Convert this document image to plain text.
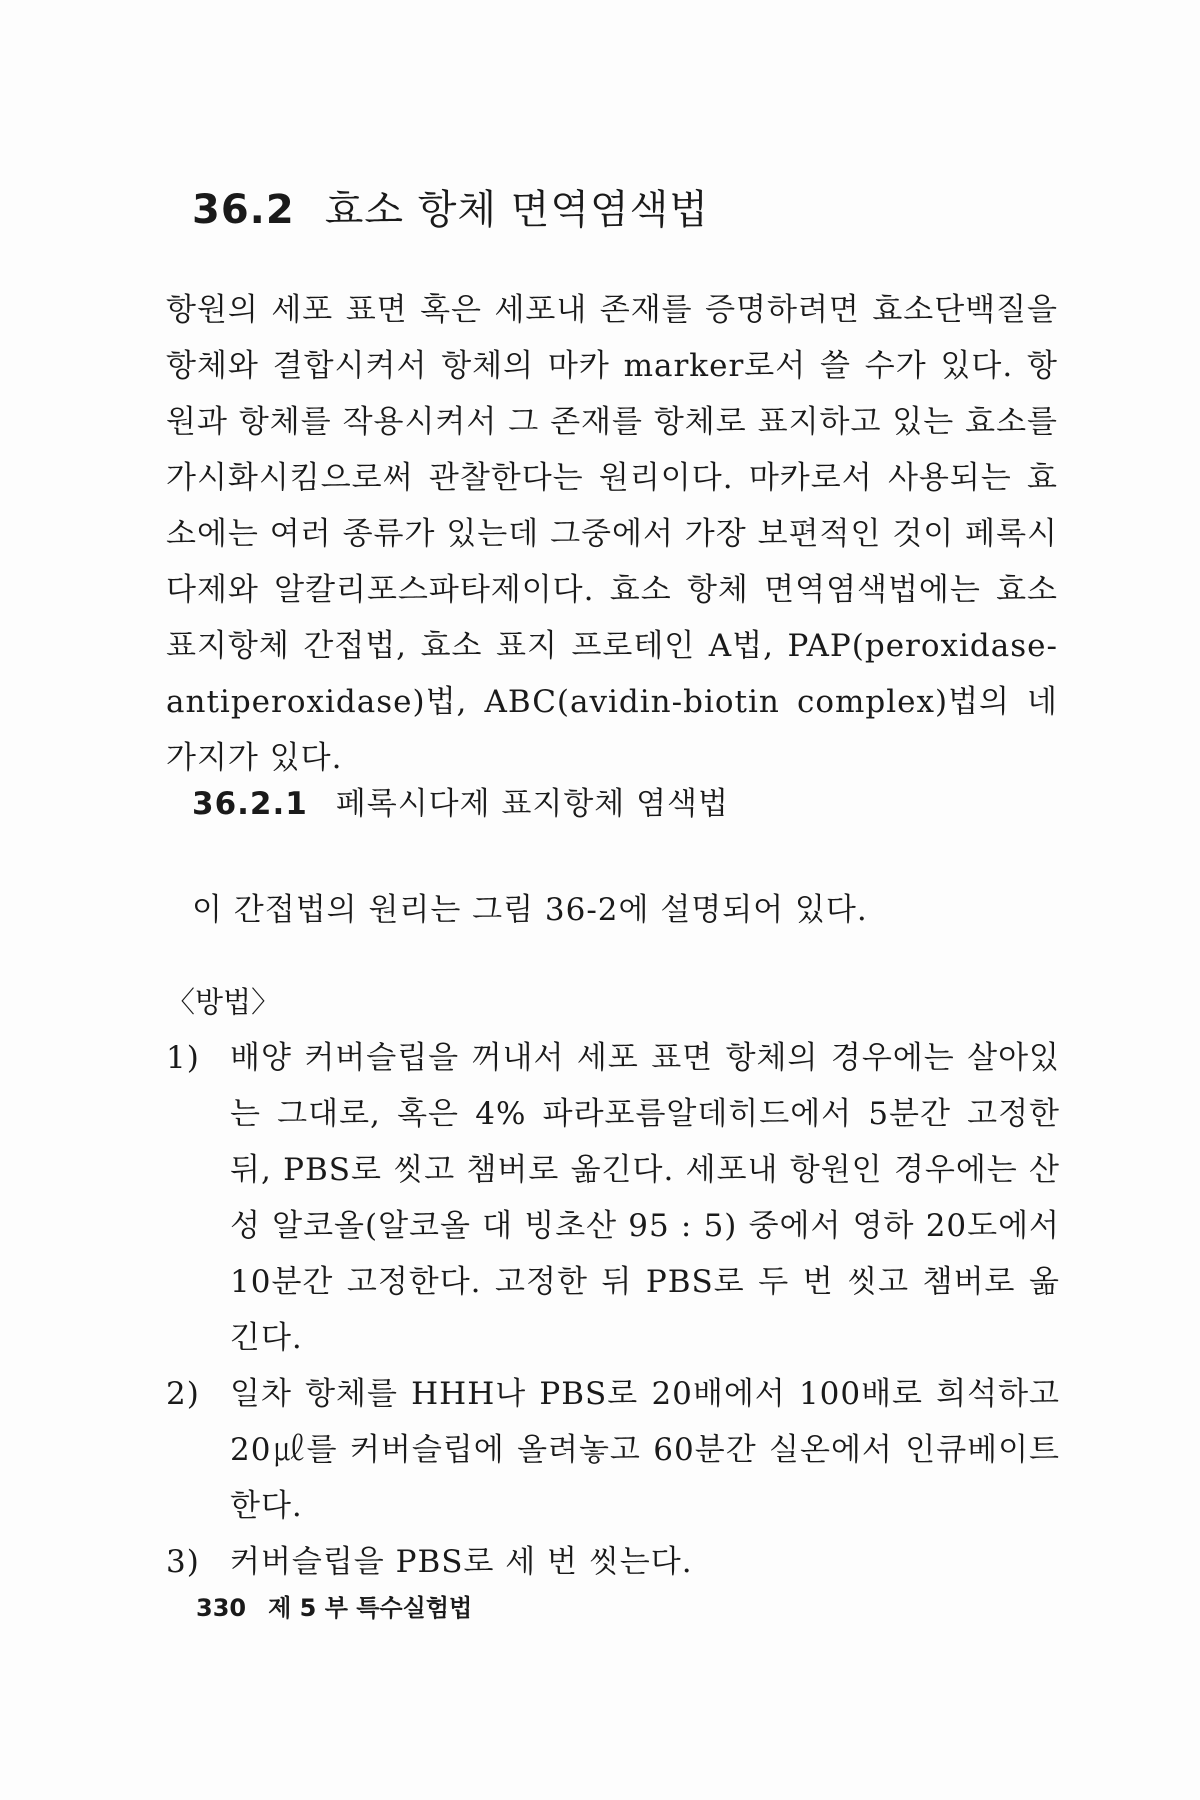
36.2 효소 항체 면역염색법

항원의 세포 표면 혹은 세포내 존재를 증명하려면 효소단백질을 항체와 결합시켜서 항체의 마카 marker로서 쓸 수가 있다. 항원과 항체를 작용시켜서 그 존재를 항체로 표지하고 있는 효소를 가시화시킴으로써 관찰한다는 원리이다. 마카로서 사용되는 효소에는 여러 종류가 있는데 그중에서 가장 보편적인 것이 페록시다제와 알칼리포스파타제이다. 효소 항체 면역염색법에는 효소 표지항체 간접법, 효소 표지 프로테인 A법, PAP(peroxidase-antiperoxidase)법, ABC(avidin-biotin complex)법의 네 가지가 있다.

36.2.1 페록시다제 표지항체 염색법
이 간접법의 원리는 그림 36-2에 설명되어 있다.
〈방법〉
1) 배양 커버슬립을 꺼내서 세포 표면 항체의 경우에는 살아있는 그대로, 혹은 4% 파라포름알데히드에서 5분간 고정한 뒤, PBS로 씻고 챔버로 옮긴다. 세포내 항원인 경우에는 산성 알코올(알코올 대 빙초산 95 : 5) 중에서 영하 20도에서 10분간 고정한다. 고정한 뒤 PBS로 두 번 씻고 챔버로 옮긴다.
2) 일차 항체를 HHH나 PBS로 20배에서 100배로 희석하고 20㎕를 커버슬립에 올려놓고 60분간 실온에서 인큐베이트한다.
3) 커버슬립을 PBS로 세 번 씻는다.
330 제 5 부 특수실험법
